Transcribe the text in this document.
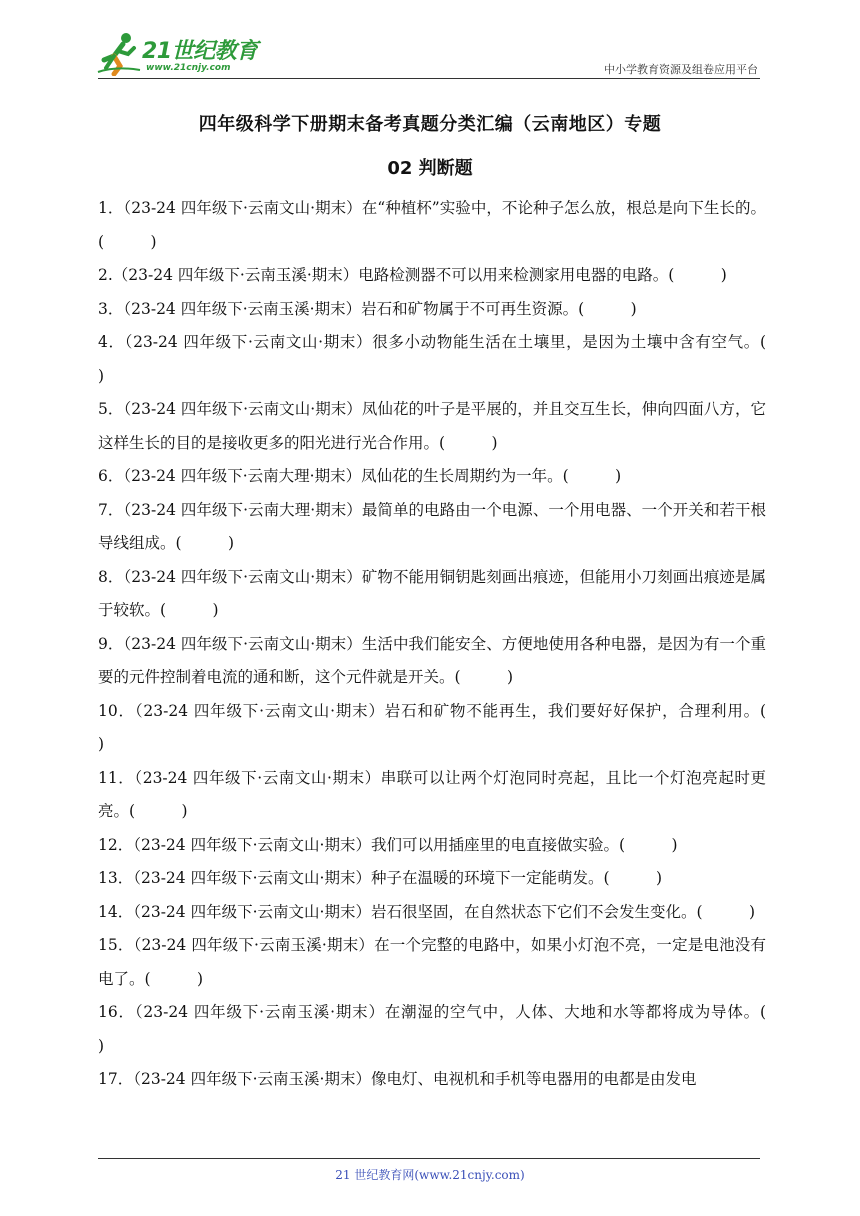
21世纪教育
www.21cnjy.com	中小学教育资源及组卷应用平台
四年级科学下册期末备考真题分类汇编（云南地区）专题
02 判断题
1．（23-24 四年级下·云南文山·期末）在“种植杯”实验中，不论种子怎么放，根总是向下生长的。(　　　)
2.（23-24 四年级下·云南玉溪·期末）电路检测器不可以用来检测家用电器的电路。(　　　)
3．（23-24 四年级下·云南玉溪·期末）岩石和矿物属于不可再生资源。(　　　)
4．（23-24 四年级下·云南文山·期末）很多小动物能生活在土壤里，是因为土壤中含有空气。(　　　)
5．（23-24 四年级下·云南文山·期末）凤仙花的叶子是平展的，并且交互生长，伸向四面八方，它这样生长的目的是接收更多的阳光进行光合作用。(　　　)
6．（23-24 四年级下·云南大理·期末）凤仙花的生长周期约为一年。(　　　)
7．（23-24 四年级下·云南大理·期末）最简单的电路由一个电源、一个用电器、一个开关和若干根导线组成。(　　　)
8．（23-24 四年级下·云南文山·期末）矿物不能用铜钥匙刻画出痕迹，但能用小刀刻画出痕迹是属于较软。(　　　)
9．（23-24 四年级下·云南文山·期末）生活中我们能安全、方便地使用各种电器，是因为有一个重要的元件控制着电流的通和断，这个元件就是开关。(　　　)
10．（23-24 四年级下·云南文山·期末）岩石和矿物不能再生，我们要好好保护，合理利用。(　　　)
11．（23-24 四年级下·云南文山·期末）串联可以让两个灯泡同时亮起，且比一个灯泡亮起时更亮。(　　　)
12．（23-24 四年级下·云南文山·期末）我们可以用插座里的电直接做实验。(　　　)
13．（23-24 四年级下·云南文山·期末）种子在温暖的环境下一定能萌发。(　　　)
14．（23-24 四年级下·云南文山·期末）岩石很坚固，在自然状态下它们不会发生变化。(　　　)
15．（23-24 四年级下·云南玉溪·期末）在一个完整的电路中，如果小灯泡不亮，一定是电池没有电了。(　　　)
16．（23-24 四年级下·云南玉溪·期末）在潮湿的空气中，人体、大地和水等都将成为导体。(　　　)
17．（23-24 四年级下·云南玉溪·期末）像电灯、电视机和手机等电器用的电都是由发电
21 世纪教育网(www.21cnjy.com)
